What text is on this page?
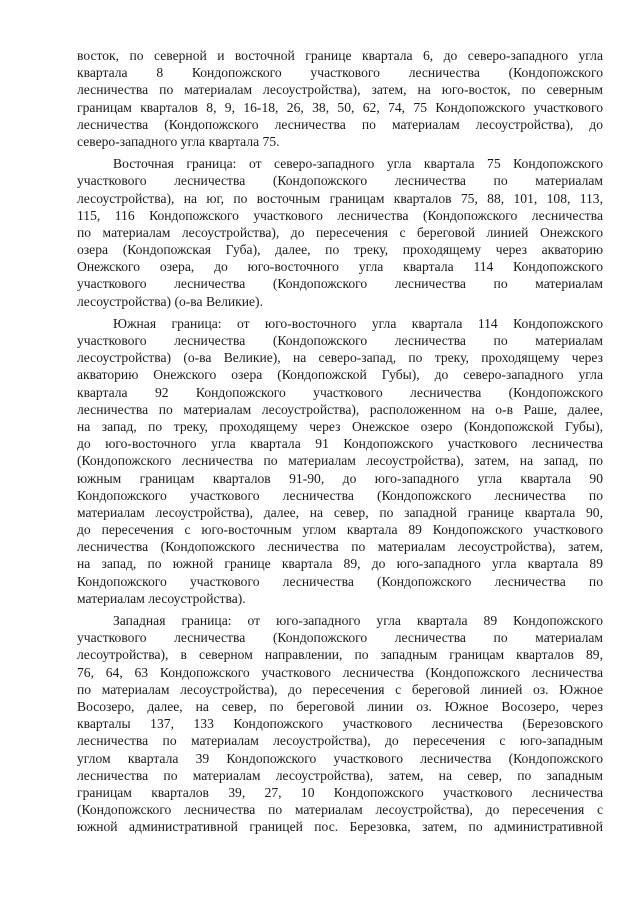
восток, по северной и восточной границе квартала 6, до северо-западного угла
квартала 8 Кондопожского участкового лесничества (Кондопожского
лесничества по материалам лесоустройства), затем, на юго-восток, по северным
границам кварталов 8, 9, 16-18, 26, 38, 50, 62, 74, 75 Кондопожского участкового
лесничества (Кондопожского лесничества по материалам лесоустройства), до
северо-западного угла квартала 75.
Восточная граница: от северо-западного угла квартала 75 Кондопожского
участкового лесничества (Кондопожского лесничества по материалам
лесоустройства), на юг, по восточным границам кварталов 75, 88, 101, 108, 113,
115, 116 Кондопожского участкового лесничества (Кондопожского лесничества
по материалам лесоустройства), до пересечения с береговой линией Онежского
озера (Кондопожская Губа), далее, по треку, проходящему через акваторию
Онежского озера, до юго-восточного угла квартала 114 Кондопожского
участкового лесничества (Кондопожского лесничества по материалам
лесоустройства) (о-ва Великие).
Южная граница: от юго-восточного угла квартала 114 Кондопожского
участкового лесничества (Кондопожского лесничества по материалам
лесоустройства) (о-ва Великие), на северо-запад, по треку, проходящему через
акваторию Онежского озера (Кондопожской Губы), до северо-западного угла
квартала 92 Кондопожского участкового лесничества (Кондопожского
лесничества по материалам лесоустройства), расположенном на о-в Раше, далее,
на запад, по треку, проходящему через Онежское озеро (Кондопожской Губы),
до юго-восточного угла квартала 91 Кондопожского участкового лесничества
(Кондопожского лесничества по материалам лесоустройства), затем, на запад, по
южным границам кварталов 91-90, до юго-западного угла квартала 90
Кондопожского участкового лесничества (Кондопожского лесничества по
материалам лесоустройства), далее, на север, по западной границе квартала 90,
до пересечения с юго-восточным углом квартала 89 Кондопожского участкового
лесничества (Кондопожского лесничества по материалам лесоустройства), затем,
на запад, по южной границе квартала 89, до юго-западного угла квартала 89
Кондопожского участкового лесничества (Кондопожского лесничества по
материалам лесоустройства).
Западная граница: от юго-западного угла квартала 89 Кондопожского
участкового лесничества (Кондопожского лесничества по материалам
лесоутройства), в северном направлении, по западным границам кварталов 89,
76, 64, 63 Кондопожского участкового лесничества (Кондопожского лесничества
по материалам лесоустройства), до пересечения с береговой линией оз. Южное
Восозеро, далее, на север, по береговой линии оз. Южное Восозеро, через
кварталы 137, 133 Кондопожского участкового лесничества (Березовского
лесничества по материалам лесоустройства), до пересечения с юго-западным
углом квартала 39 Кондопожского участкового лесничества (Кондопожского
лесничества по материалам лесоустройства), затем, на север, по западным
границам кварталов 39, 27, 10 Кондопожского участкового лесничества
(Кондопожского лесничества по материалам лесоустройства), до пересечения с
южной административной границей пос. Березовка, затем, по административной
